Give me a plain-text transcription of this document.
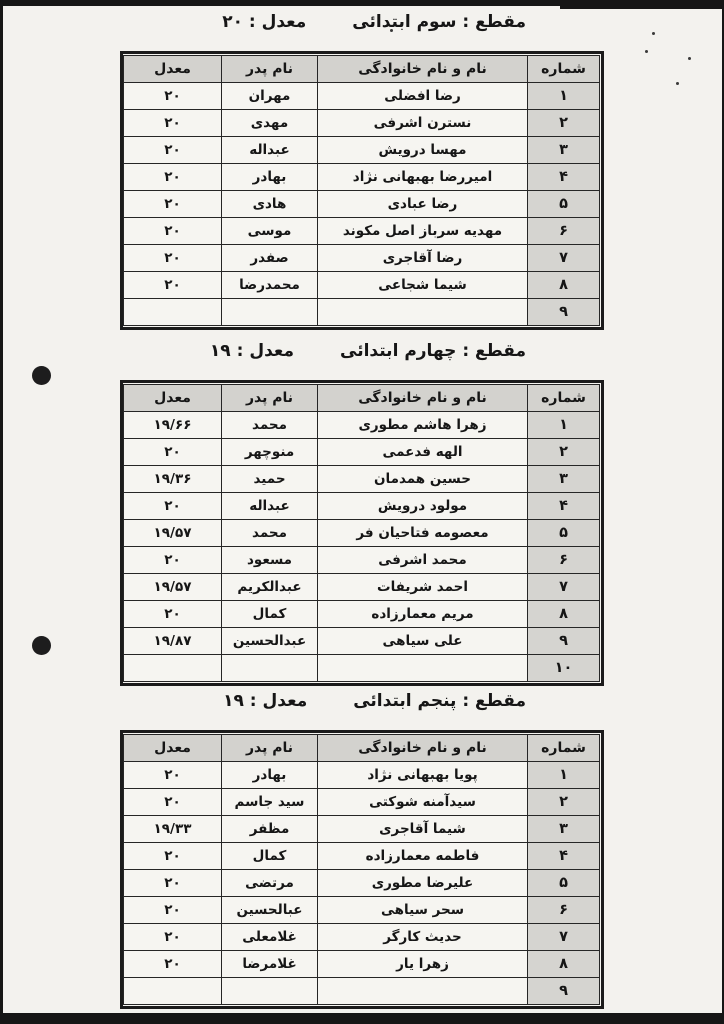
مقطع : سوم ابتدائی
معدل : ۲۰
شماره	نام و نام خانوادگی	نام پدر	معدل
۱	رضا افضلی	مهران	۲۰
۲	نسترن اشرفی	مهدی	۲۰
۳	مهسا درویش	عبداله	۲۰
۴	امیررضا بهبهانی نژاد	بهادر	۲۰
۵	رضا عبادی	هادی	۲۰
۶	مهدیه سرباز اصل مکوند	موسی	۲۰
۷	رضا آقاجری	صفدر	۲۰
۸	شیما شجاعی	محمدرضا	۲۰
۹			
مقطع : چهارم ابتدائی
معدل : ۱۹
شماره	نام و نام خانوادگی	نام پدر	معدل
۱	زهرا هاشم مطوری	محمد	۱۹/۶۶
۲	الهه فدعمی	منوچهر	۲۰
۳	حسین همدمان	حمید	۱۹/۳۶
۴	مولود درویش	عبداله	۲۰
۵	معصومه فتاحیان فر	محمد	۱۹/۵۷
۶	محمد اشرفی	مسعود	۲۰
۷	احمد شریفات	عبدالکریم	۱۹/۵۷
۸	مریم معمارزاده	کمال	۲۰
۹	علی سیاهی	عبدالحسین	۱۹/۸۷
۱۰			
مقطع : پنجم ابتدائی
معدل : ۱۹
شماره	نام و نام خانوادگی	نام پدر	معدل
۱	پویا بهبهانی نژاد	بهادر	۲۰
۲	سیدآمنه شوکتی	سید جاسم	۲۰
۳	شیما آقاجری	مظفر	۱۹/۳۳
۴	فاطمه معمارزاده	کمال	۲۰
۵	علیرضا مطوری	مرتضی	۲۰
۶	سحر سیاهی	عبالحسین	۲۰
۷	حدیث کارگر	غلامعلی	۲۰
۸	زهرا یار	غلامرضا	۲۰
۹			
